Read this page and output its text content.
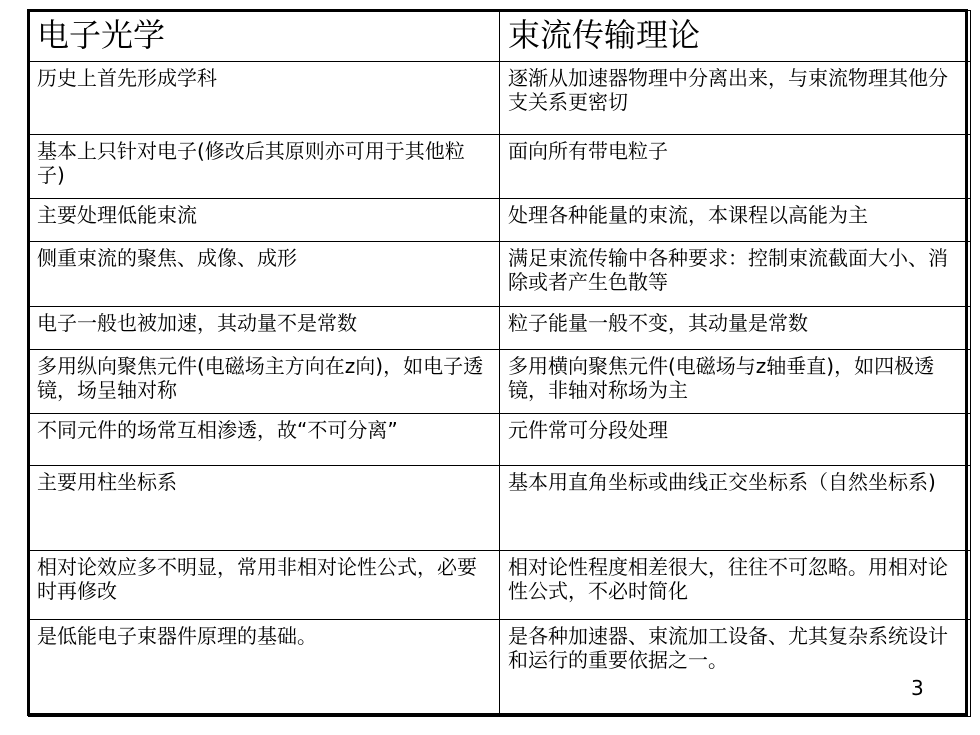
电子光学	束流传输理论
历史上首先形成学科	逐渐从加速器物理中分离出来，与束流物理其他分支关系更密切
基本上只针对电子(修改后其原则亦可用于其他粒子)	面向所有带电粒子
主要处理低能束流	处理各种能量的束流，本课程以高能为主
侧重束流的聚焦、成像、成形	满足束流传输中各种要求：控制束流截面大小、消除或者产生色散等
电子一般也被加速，其动量不是常数	粒子能量一般不变，其动量是常数
多用纵向聚焦元件(电磁场主方向在z向)，如电子透镜，场呈轴对称	多用横向聚焦元件(电磁场与z轴垂直)，如四极透镜，非轴对称场为主
不同元件的场常互相渗透，故“不可分离”	元件常可分段处理
主要用柱坐标系	基本用直角坐标或曲线正交坐标系（自然坐标系)
相对论效应多不明显，常用非相对论性公式，必要时再修改	相对论性程度相差很大，往往不可忽略。用相对论性公式，不必时简化
是低能电子束器件原理的基础。	是各种加速器、束流加工设备、尤其复杂系统设计和运行的重要依据之一。
3
